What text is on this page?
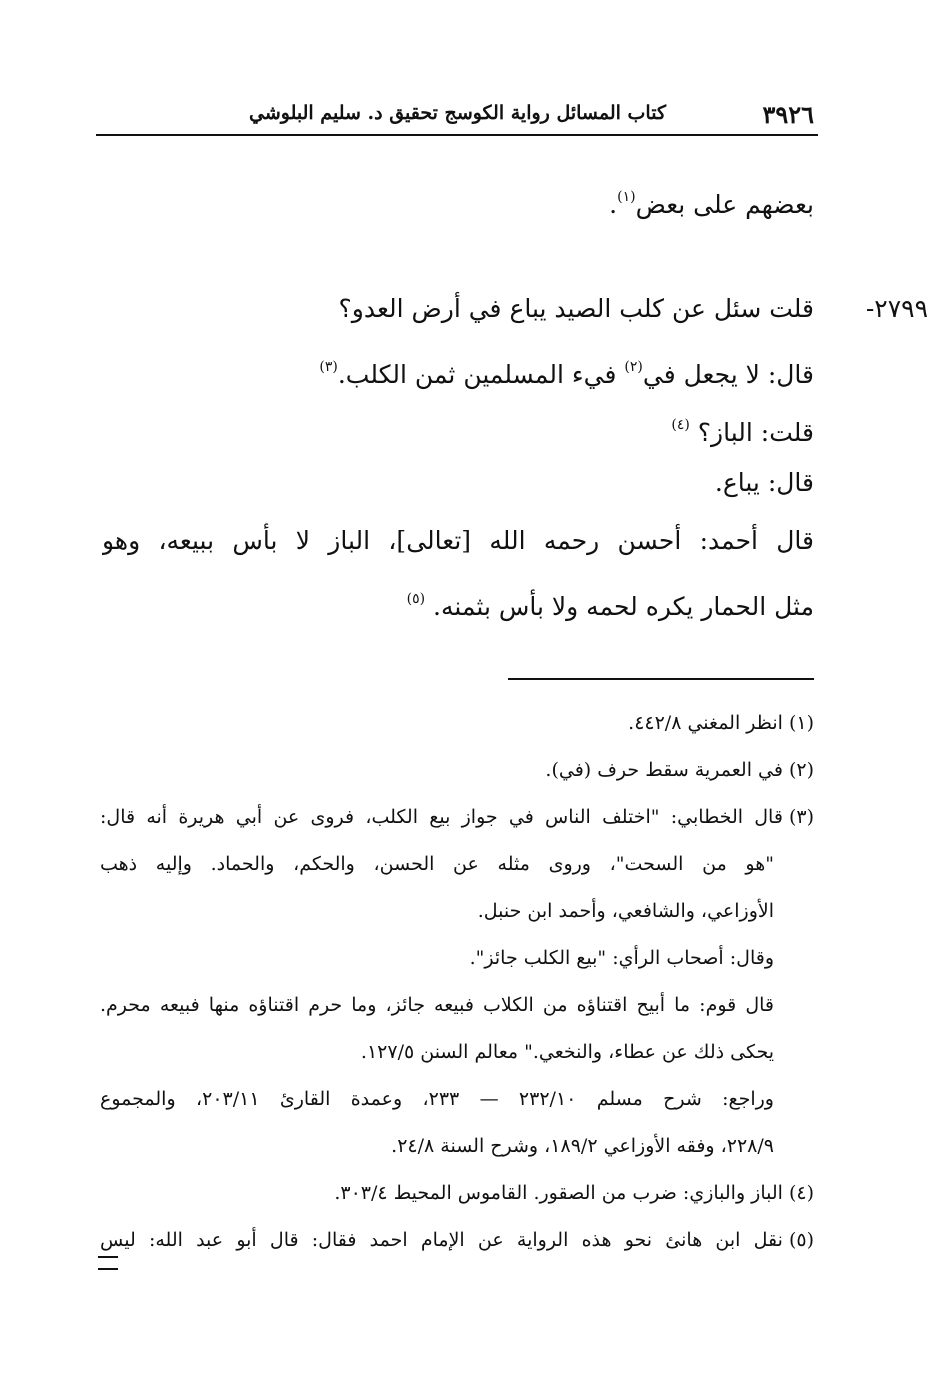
٣٩٢٦
كتاب المسائل رواية الكوسج تحقيق د. سليم البلوشي
بعضهم على بعض$^{(١)}$.
٢٧٩٩-
قلت سئل عن كلب الصيد يباع في أرض العدو؟
قال: لا يجعل في$^{(٢)}$ فيء المسلمين ثمن الكلب.$^{(٣)}$
قلت: الباز؟ $^{(٤)}$
قال: يباع.
قال أحمد: أحسن رحمه الله [تعالى]، الباز لا بأس ببيعه، وهو
مثل الحمار يكره لحمه ولا بأس بثمنه. $^{(٥)}$
(١)انظر المغني ٤٤٢/٨.
(٢)في العمرية سقط حرف (في).
(٣)قال الخطابي: "اختلف الناس في جواز بيع الكلب، فروى عن أبي هريرة أنه قال:
"هو من السحت"، وروى مثله عن الحسن، والحكم، والحماد. وإليه ذهب
الأوزاعي، والشافعي، وأحمد ابن حنبل.
وقال: أصحاب الرأي: "بيع الكلب جائز".
قال قوم: ما أبيح اقتناؤه من الكلاب فبيعه جائز، وما حرم اقتناؤه منها فبيعه محرم.
يحكى ذلك عن عطاء، والنخعي." معالم السنن ١٢٧/٥.
وراجع: شرح مسلم ٢٣٢/١٠ — ٢٣٣، وعمدة القارئ ٢٠٣/١١، والمجموع
٢٢٨/٩، وفقه الأوزاعي ١٨٩/٢، وشرح السنة ٢٤/٨.
(٤)الباز والبازي: ضرب من الصقور. القاموس المحيط ٣٠٣/٤.
(٥)نقل ابن هانئ نحو هذه الرواية عن الإمام احمد فقال: قال أبو عبد الله: ليس
